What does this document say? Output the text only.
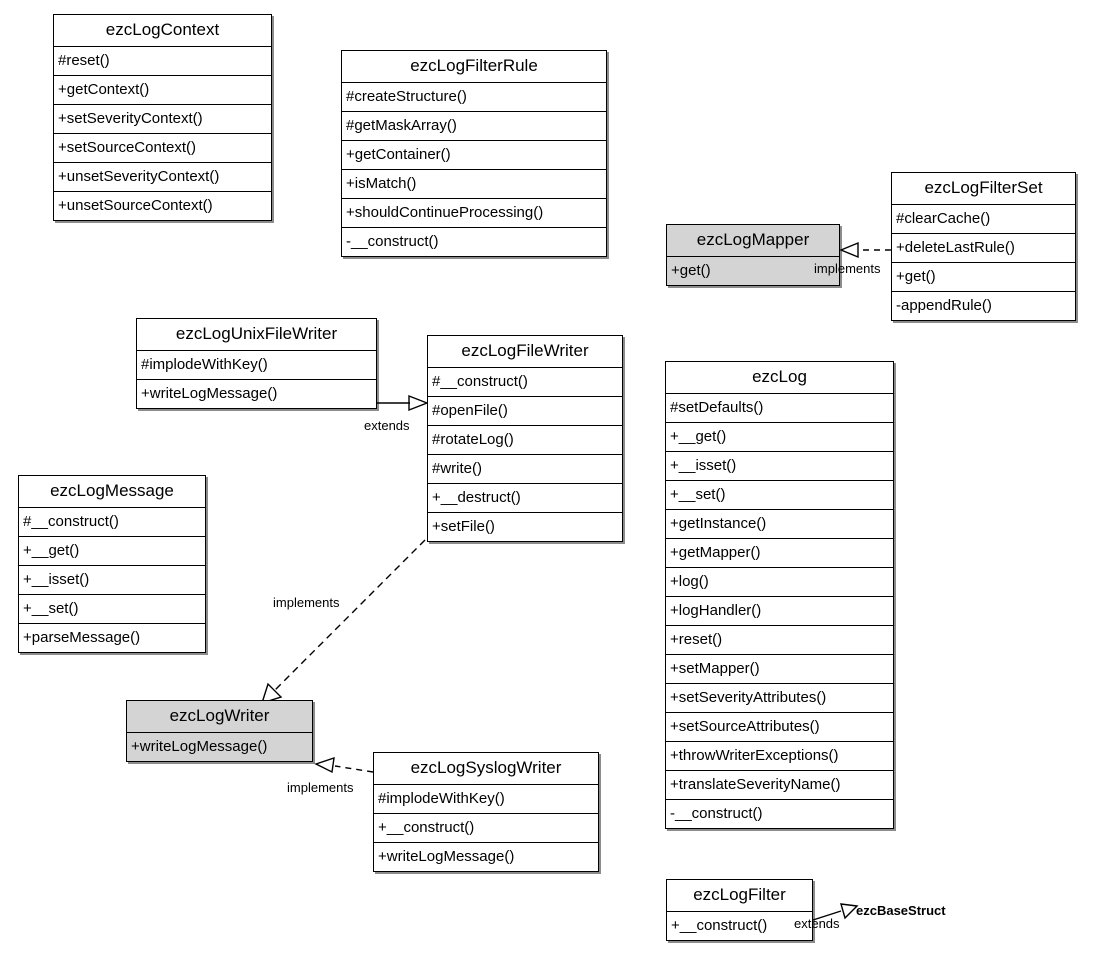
ezcLogContext
#reset()
+getContext()
+setSeverityContext()
+setSourceContext()
+unsetSeverityContext()
+unsetSourceContext()
ezcLogFilterRule
#createStructure()
#getMaskArray()
+getContainer()
+isMatch()
+shouldContinueProcessing()
-__construct()	ezcLogMapper
+get()
ezcLogFilterSet
#clearCache()
+deleteLastRule()
+get()
-appendRule()
ezcLogUnixFileWriter
#implodeWithKey()
+writeLogMessage()
ezcLogFileWriter
#__construct()
#openFile()
#rotateLog()
#write()
+__destruct()
+setFile()
ezcLog
#setDefaults()
+__get()
+__isset()
+__set()
+getInstance()
+getMapper()
+log()
+logHandler()
+reset()
+setMapper()
+setSeverityAttributes()
+setSourceAttributes()
+throwWriterExceptions()
+translateSeverityName()
-__construct()
ezcLogMessage
#__construct()
+__get()
+__isset()
+__set()
+parseMessage()
ezcLogWriter
+writeLogMessage()
ezcLogSyslogWriter
#implodeWithKey()
+__construct()
+writeLogMessage()
ezcLogFilter
+__construct()
ezcBaseStruct
implements
extends
implements
implements
extends
